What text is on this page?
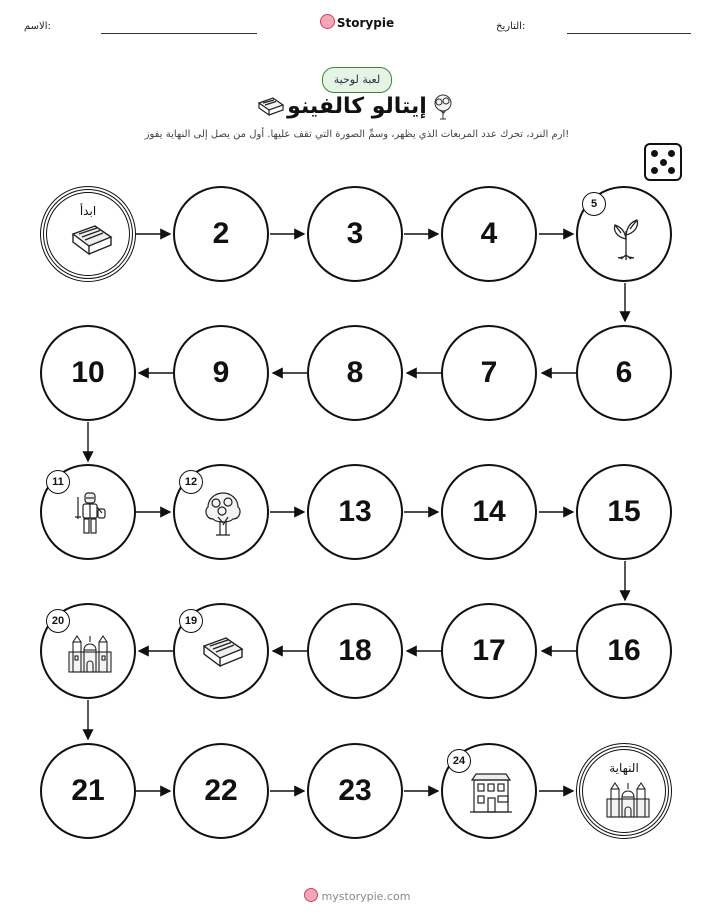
الاسم:	Storypie	التاريخ:
لعبة لوحية
إيتالو كالفينو
ارم النرد، تحرك عدد المربعات الذي يظهر، وسمِّ الصورة التي تقف عليها. أول من يصل إلى النهاية يفوز!
ابدأ
2	3	4
5
10	9	8	7	6
11	12
13	14	15
20	19
18	17	16
21	22	23
24	النهاية
mystorypie.com
